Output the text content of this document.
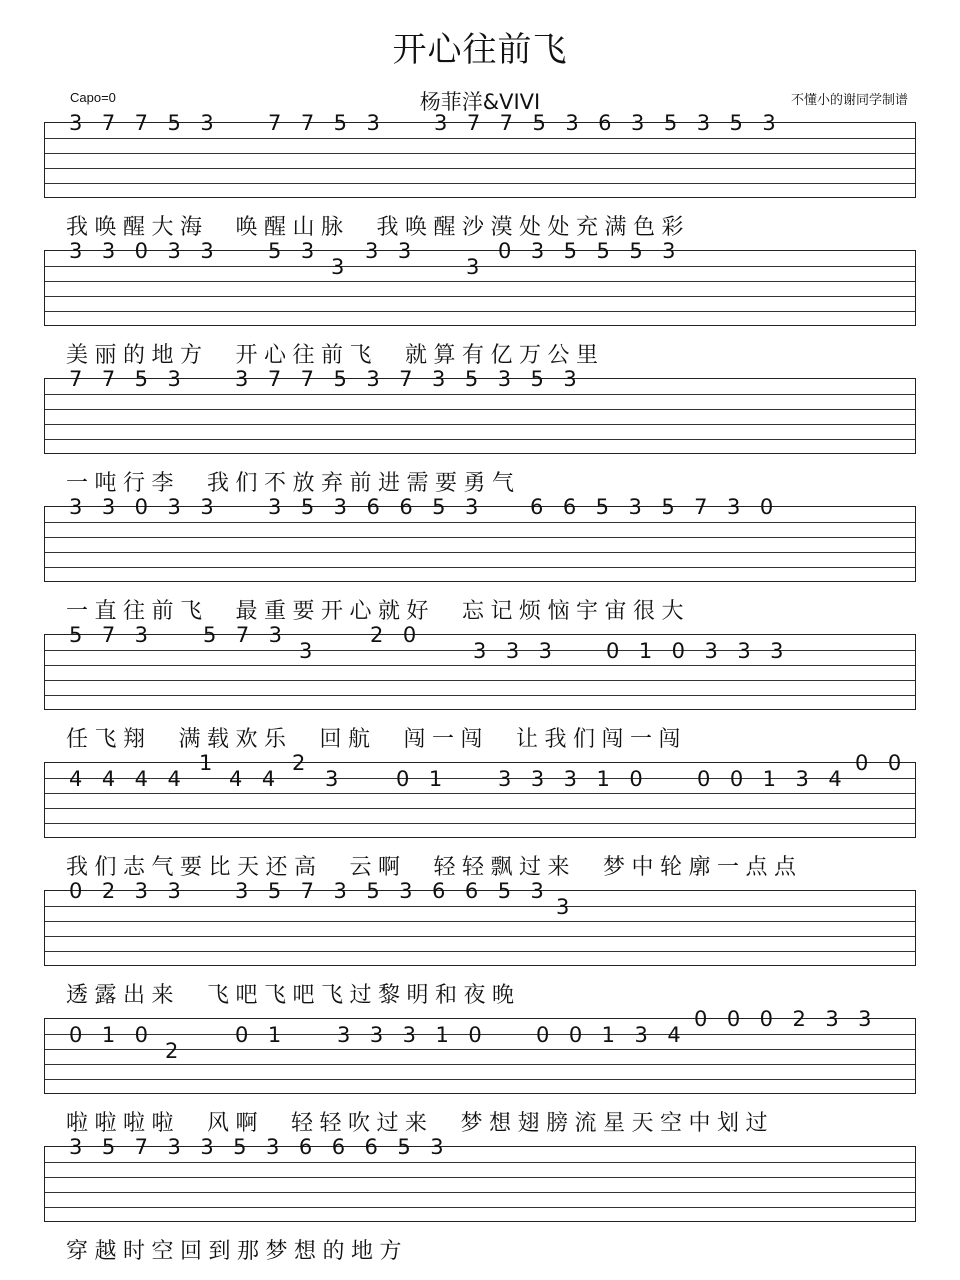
开心往前飞
Capo=0	杨菲洋&VIVI	不懂小的谢同学制谱
3 7 7 5 3 7 7 5 3 3 7 7 5 3 6 3 5 3 5 3
我唤醒大海  唤醒山脉  我唤醒沙漠处处充满色彩
3 3 0 3 3 5 3
3
3 3
3
0 3 5 5 5 3
美丽的地方  开心往前飞  就算有亿万公里
7 7 5 3 3 7 7 5 3 7 3 5 3 5 3
一吨行李  我们不放弃前进需要勇气
3 3 0 3 3 3 5 3 6 6 5 3 6 6 5 3 5 7 3 0
一直往前飞  最重要开心就好  忘记烦恼宇宙很大
5 7 3 5 7 3
3
2 0
3 3 3 0 1 0 3 3 3
任飞翔  满载欢乐  回航  闯一闯  让我们闯一闯
4 4 4 4
1
4 4
2
3	0 1 3 3 3 1 0 0 0 1 3 4
0 0
我们志气要比天还高  云啊  轻轻飘过来  梦中轮廓一点点
0 2 3 3 3 5 7 3 5 3 6 6 5 3
3
透露出来  飞吧飞吧飞过黎明和夜晚
0 1 0
2
0 1 3 3 3 1 0 0 0 1 3 4
0 0 0 2 3 3
啦啦啦啦  风啊  轻轻吹过来  梦想翅膀流星天空中划过
3 5 7 3 3 5 3 6 6 6 5 3
穿越时空回到那梦想的地方
